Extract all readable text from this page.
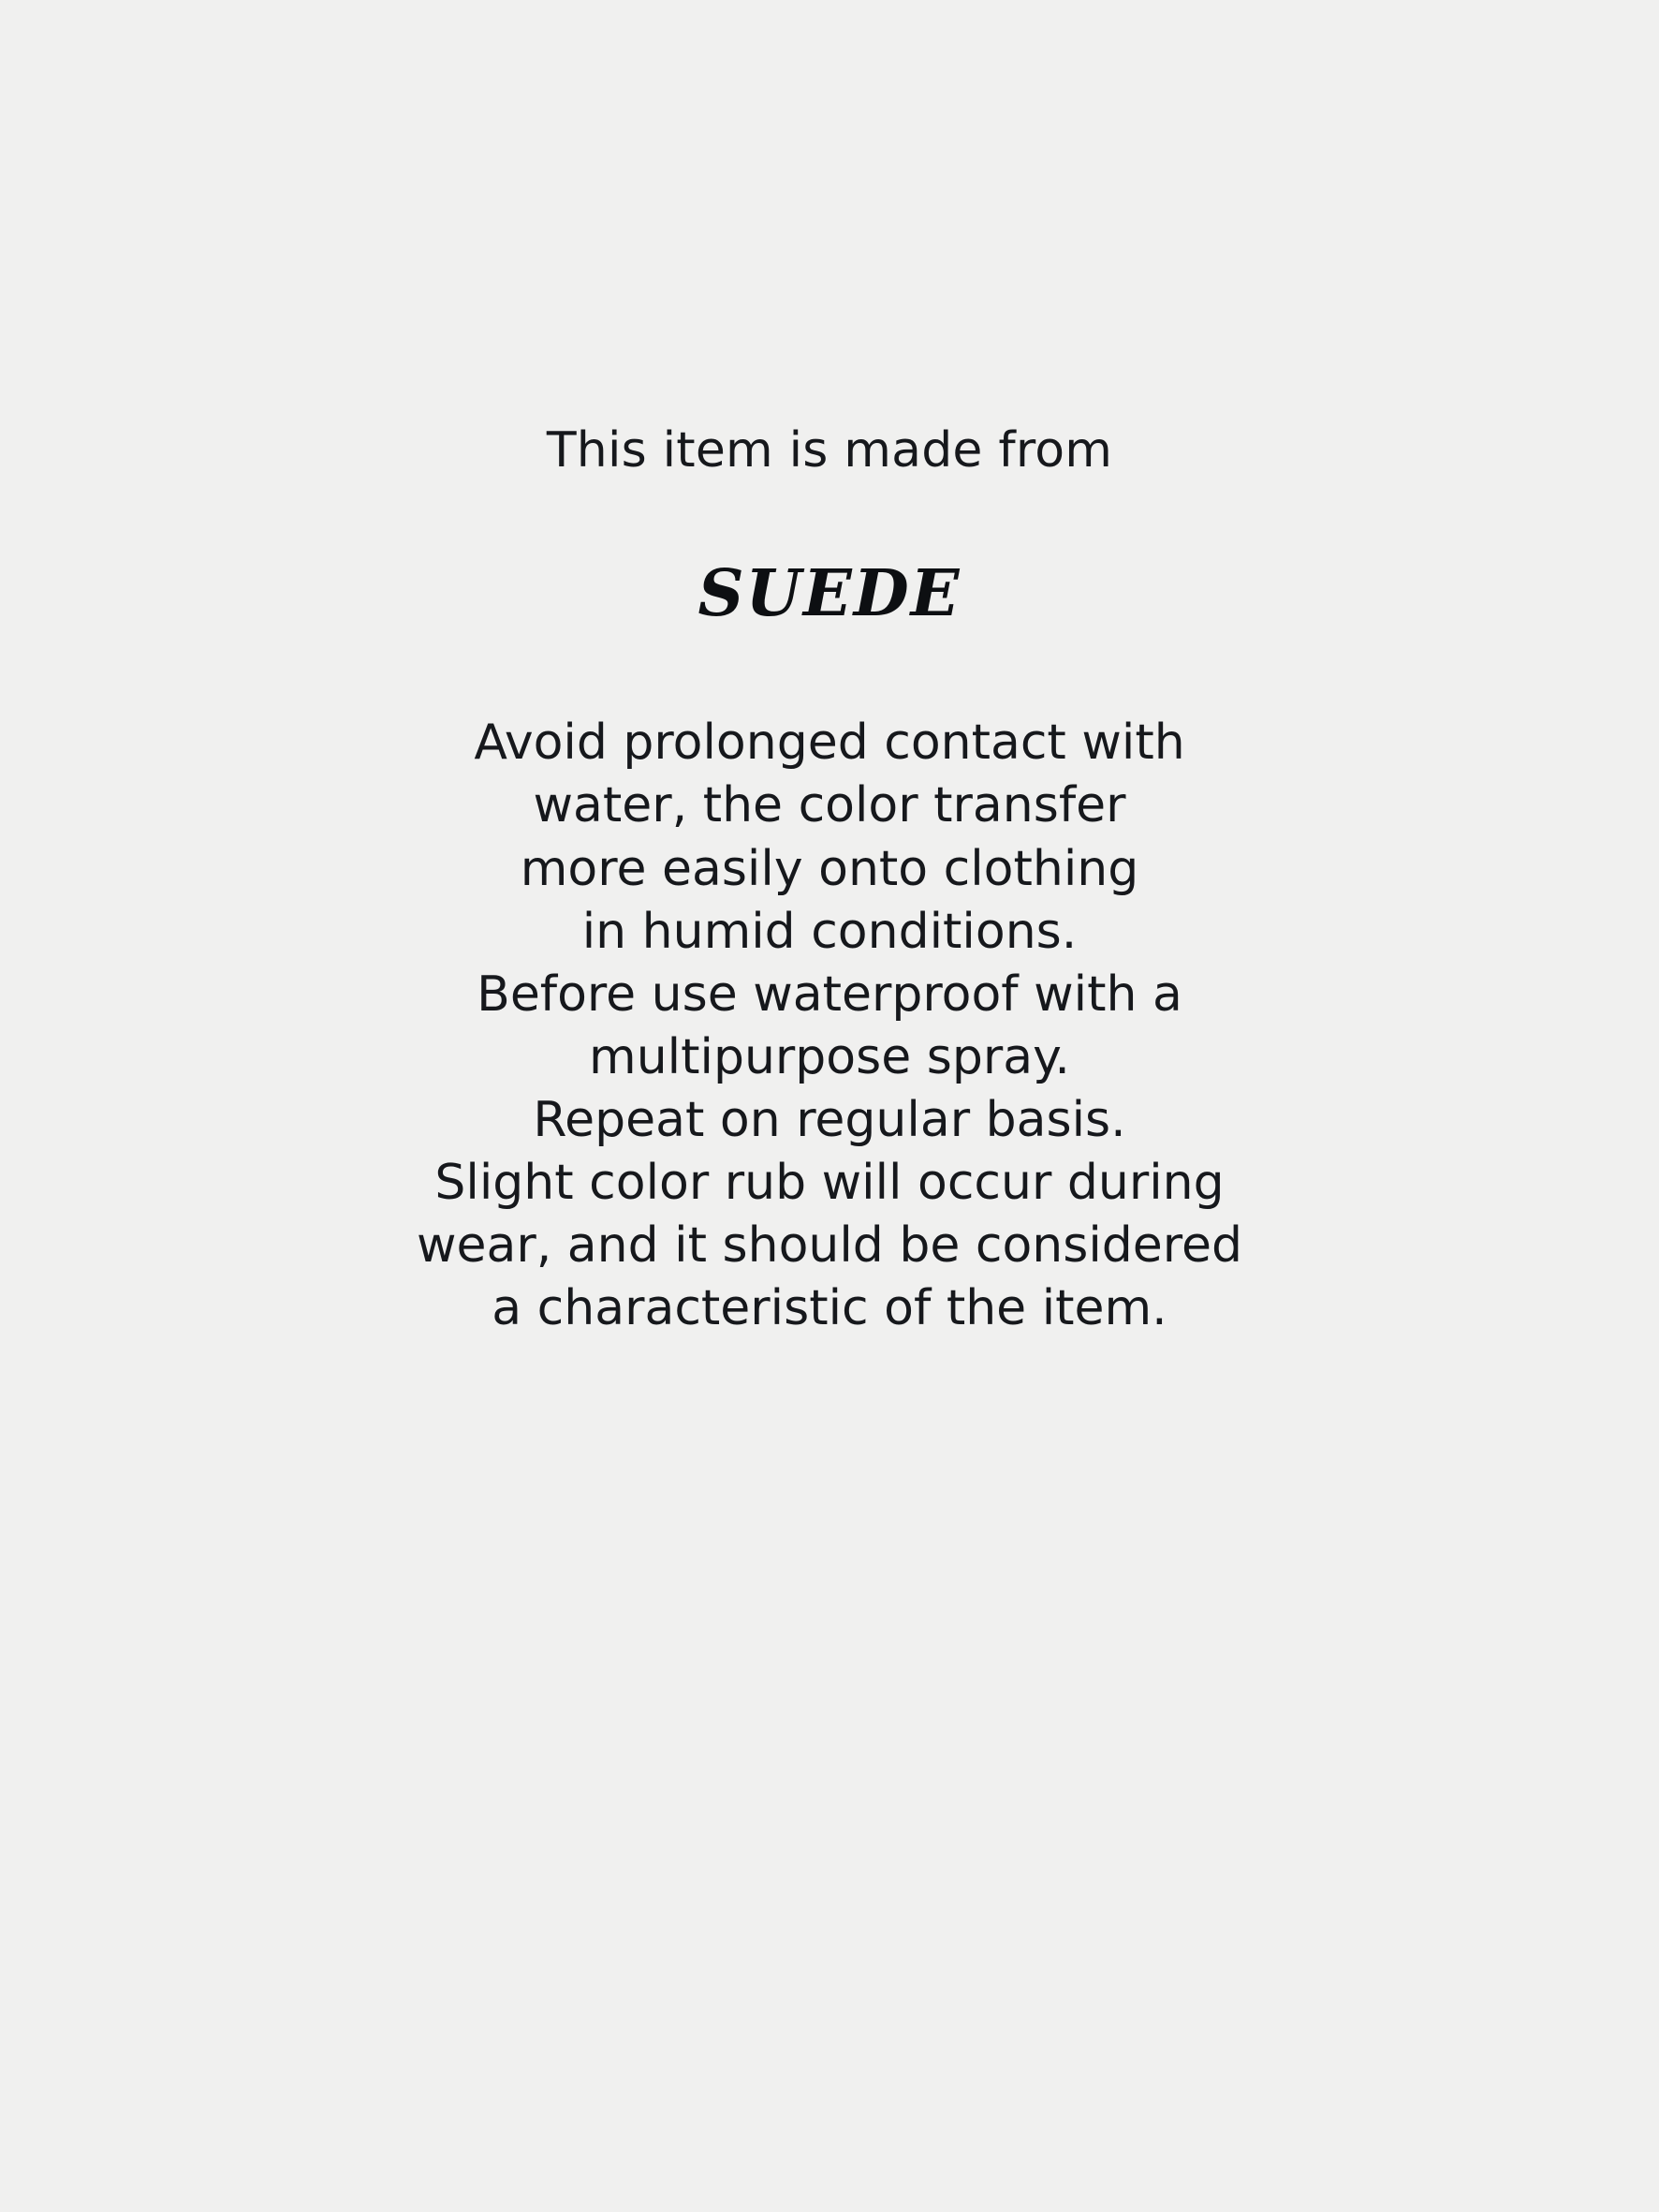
This item is made from

SUEDE

Avoid prolonged contact with
water, the color transfer
more easily onto clothing
in humid conditions.
Before use waterproof with a
multipurpose spray.
Repeat on regular basis.
Slight color rub will occur during
wear, and it should be considered
a characteristic of the item.
